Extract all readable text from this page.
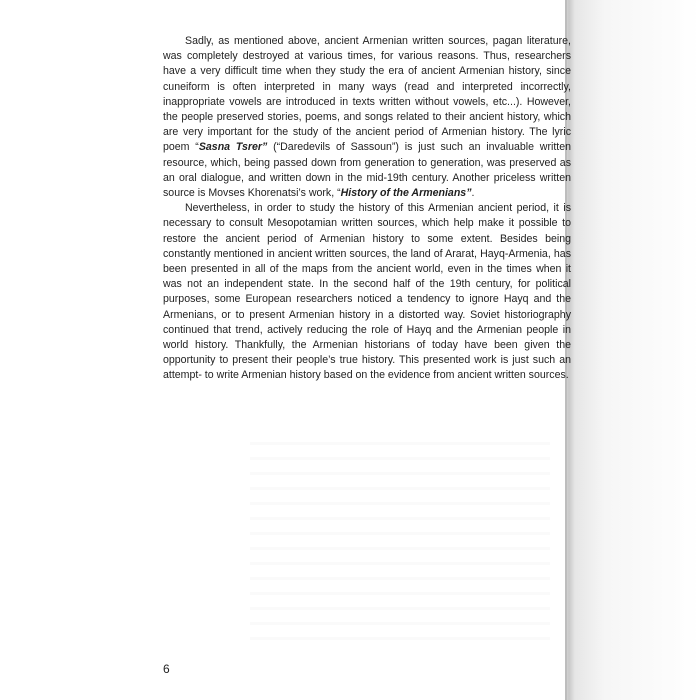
Sadly, as mentioned above, ancient Armenian written sources, pagan literature, was completely destroyed at various times, for various reasons. Thus, researchers have a very difficult time when they study the era of ancient Armenian history, since cuneiform is often interpreted in many ways (read and interpreted incorrectly, inappropriate vowels are introduced in texts written without vowels, etc...). However, the people preserved stories, poems, and songs related to their ancient history, which are very important for the study of the ancient period of Armenian history. The lyric poem “Sasna Tsrer” (“Daredevils of Sassoun”) is just such an invaluable written resource, which, being passed down from generation to generation, was preserved as an oral dialogue, and written down in the mid-19th century. Another priceless written source is Movses Khorenatsi’s work, “History of the Armenians”.

Nevertheless, in order to study the history of this Armenian ancient period, it is necessary to consult Mesopotamian written sources, which help make it possible to restore the ancient period of Armenian history to some extent. Besides being constantly mentioned in ancient written sources, the land of Ararat, Hayq-Armenia, has been presented in all of the maps from the ancient world, even in the times when it was not an independent state. In the second half of the 19th century, for political purposes, some European researchers noticed a tendency to ignore Hayq and the Armenians, or to present Armenian history in a distorted way. Soviet historiography continued that trend, actively reducing the role of Hayq and the Armenian people in world history. Thankfully, the Armenian historians of today have been given the opportunity to present their people’s true history. This presented work is just such an attempt- to write Armenian history based on the evidence from ancient written sources.

6
